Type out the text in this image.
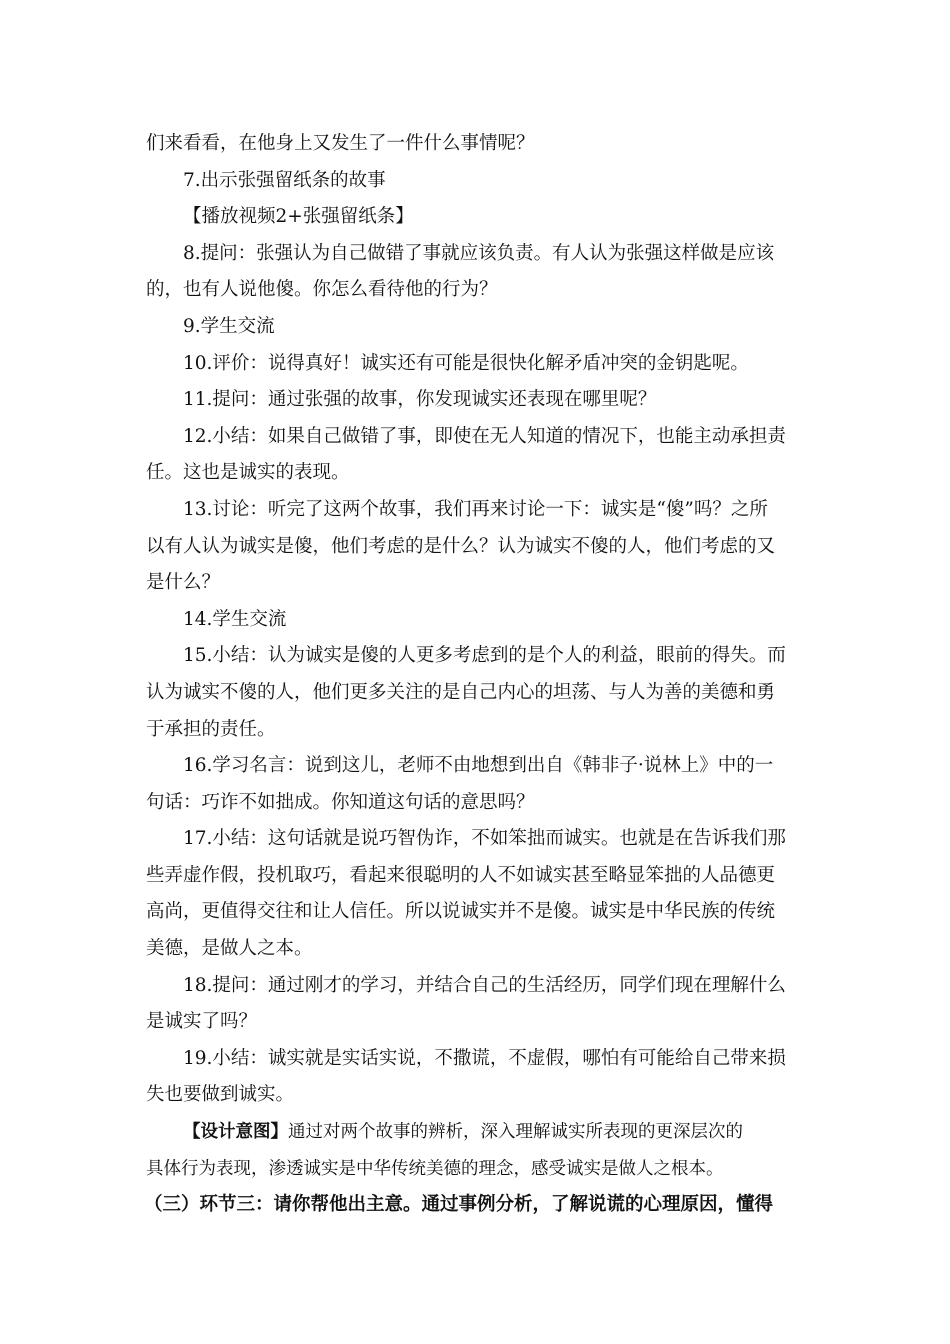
们来看看，在他身上又发生了一件什么事情呢？
7.出示张强留纸条的故事
【播放视频2+张强留纸条】
8.提问：张强认为自己做错了事就应该负责。有人认为张强这样做是应该
的，也有人说他傻。你怎么看待他的行为？
9.学生交流
10.评价：说得真好！诚实还有可能是很快化解矛盾冲突的金钥匙呢。
11.提问：通过张强的故事，你发现诚实还表现在哪里呢？
12.小结：如果自己做错了事，即使在无人知道的情况下，也能主动承担责
任。这也是诚实的表现。
13.讨论：听完了这两个故事，我们再来讨论一下：诚实是“傻”吗？之所
以有人认为诚实是傻，他们考虑的是什么？认为诚实不傻的人，他们考虑的又
是什么？
14.学生交流
15.小结：认为诚实是傻的人更多考虑到的是个人的利益，眼前的得失。而
认为诚实不傻的人，他们更多关注的是自己内心的坦荡、与人为善的美德和勇
于承担的责任。
16.学习名言：说到这儿，老师不由地想到出自《韩非子·说林上》中的一
句话：巧诈不如拙成。你知道这句话的意思吗？
17.小结：这句话就是说巧智伪诈，不如笨拙而诚实。也就是在告诉我们那
些弄虚作假，投机取巧，看起来很聪明的人不如诚实甚至略显笨拙的人品德更
高尚，更值得交往和让人信任。所以说诚实并不是傻。诚实是中华民族的传统
美德，是做人之本。
18.提问：通过刚才的学习，并结合自己的生活经历，同学们现在理解什么
是诚实了吗？
19.小结：诚实就是实话实说，不撒谎，不虚假，哪怕有可能给自己带来损
失也要做到诚实。
【设计意图】通过对两个故事的辨析，深入理解诚实所表现的更深层次的
具体行为表现，渗透诚实是中华传统美德的理念，感受诚实是做人之根本。
（三）环节三：请你帮他出主意。通过事例分析，了解说谎的心理原因，懂得
